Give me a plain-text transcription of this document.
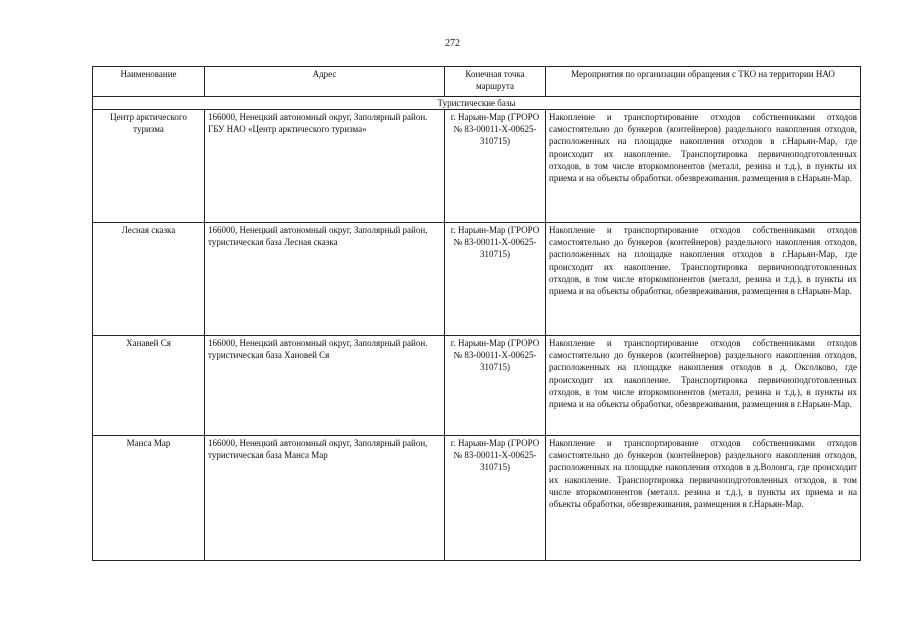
272
Наименование	Адрес	Конечная точка маршрута	Мероприятия по организации обращения с ТКО на территории НАО
Туристические базы			
Центр арктического туризма	166000, Ненецкий автономный округ, Заполярный район. ГБУ НАО «Центр арктического туризма»	г. Нарьян-Мар (ГРОРО № 83-00011-Х-00625-310715)	Накопление и транспортирование отходов собственниками отходов самостоятельно до бункеров (контейнеров) раздельного накопления отходов, расположенных на площадке накопления отходов в г.Нарьян-Мар, где происходит их накопление. Транспортировка первичноподготовленных отходов, в том числе вторкомпонентов (металл, резина и т.д.), в пункты их приема и на объекты обработки. обезвреживания. размещения в г.Нарьян-Мар.
Лесная сказка	166000, Ненецкий автономный округ, Заполярный район, туристическая база Лесная сказка	г. Нарьян-Мар (ГРОРО № 83-00011-Х-00625-310715)	Накопление и транспортирование отходов собственниками отходов самостоятельно до бункеров (контейнеров) раздельного накопления отходов, расположенных на площадке накопления отходов в г.Нарьян-Мар, где происходит их накопление. Транспортировка первичноподготовленных отходов, в том числе вторкомпонентов (металл, резина и т.д.), в пункты их приема и на объекты обработки, обезвреживания, размещения в г.Нарьян-Мар.
Ханавей Ся	166000, Ненецкий автономный округ, Заполярный район. туристическая база Хановей Ся	г. Нарьян-Мар (ГРОРО № 83-00011-Х-00625-310715)	Накопление и транспортирование отходов собственниками отходов самостоятельно до бункеров (контейнеров) раздельного накопления отходов, расположенных на площадке накопления отходов в д. Оксолково, где происходит их накопление. Транспортировка первичноподготовленных отходов, в том числе вторкомпонентов (металл, резина и т.д.), в пункты их приема и на объекты обработки, обезвреживания, размещения в г.Нарьян-Мар.
Манса Мар	166000, Ненецкий автономный округ, Заполярный район, туристическая база Манса Мар	г. Нарьян-Мар (ГРОРО № 83-00011-Х-00625-310715)	Накопление и транспортирование отходов собственниками отходов самостоятельно до бункеров (контейнеров) раздельного накопления отходов, расположенных на площадке накопления отходов в д.Волонга, где происходит их накопление. Транспортировка первичноподготовленных отходов, в том числе вторкомпонентов (металл. резина и т.д.), в пункты их приема и на объекты обработки, обезвреживания, размещения в г.Нарьян-Мар.
